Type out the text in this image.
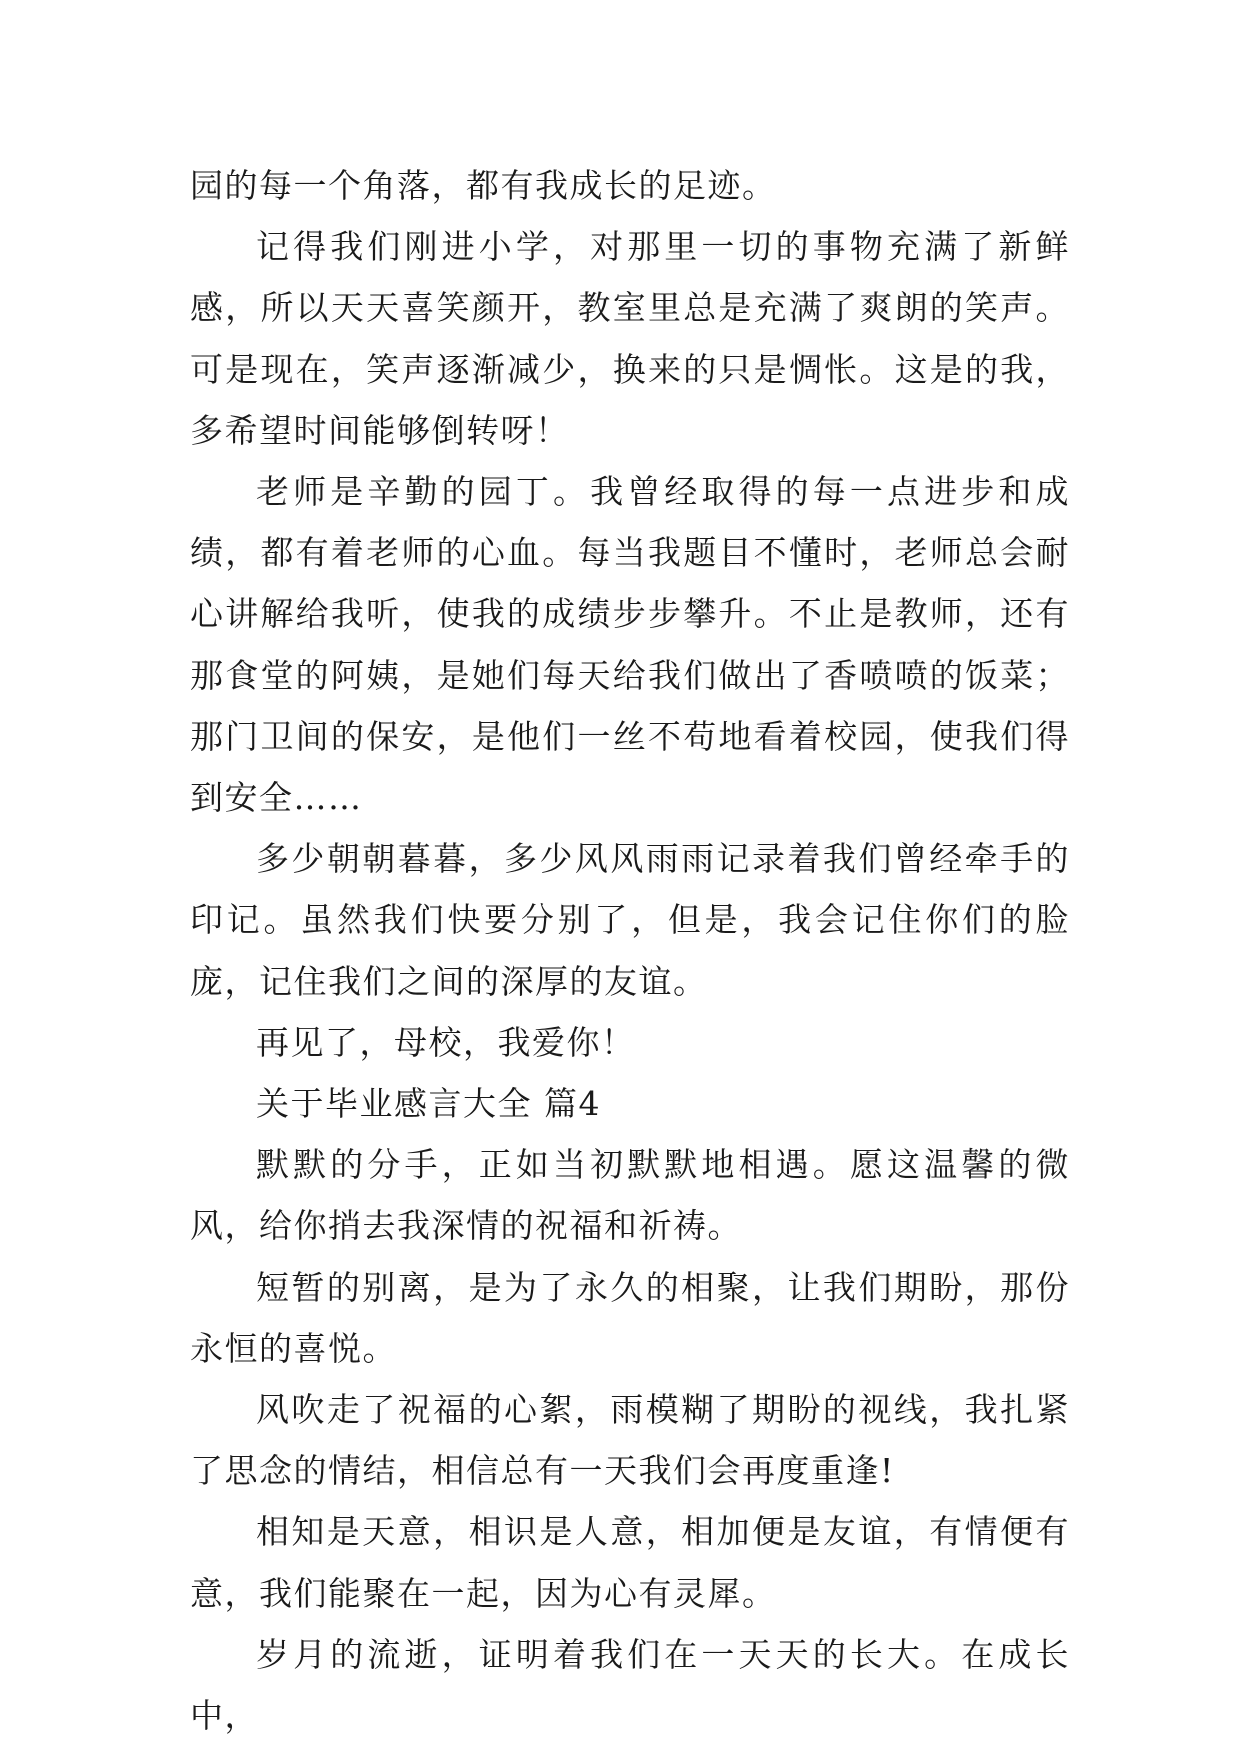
园的每一个角落，都有我成长的足迹。

记得我们刚进小学，对那里一切的事物充满了新鲜感，所以天天喜笑颜开，教室里总是充满了爽朗的笑声。可是现在，笑声逐渐减少，换来的只是惆怅。这是的我，多希望时间能够倒转呀！

老师是辛勤的园丁。我曾经取得的每一点进步和成绩，都有着老师的心血。每当我题目不懂时，老师总会耐心讲解给我听，使我的成绩步步攀升。不止是教师，还有那食堂的阿姨，是她们每天给我们做出了香喷喷的饭菜；那门卫间的保安，是他们一丝不苟地看着校园，使我们得到安全……

多少朝朝暮暮，多少风风雨雨记录着我们曾经牵手的印记。虽然我们快要分别了，但是，我会记住你们的脸庞，记住我们之间的深厚的友谊。

再见了，母校，我爱你！

关于毕业感言大全 篇4

默默的分手，正如当初默默地相遇。愿这温馨的微风，给你捎去我深情的祝福和祈祷。

短暂的别离，是为了永久的相聚，让我们期盼，那份永恒的喜悦。

风吹走了祝福的心絮，雨模糊了期盼的视线，我扎紧了思念的情结，相信总有一天我们会再度重逢!

相知是天意，相识是人意，相加便是友谊，有情便有意，我们能聚在一起，因为心有灵犀。

岁月的流逝，证明着我们在一天天的长大。在成长中，
